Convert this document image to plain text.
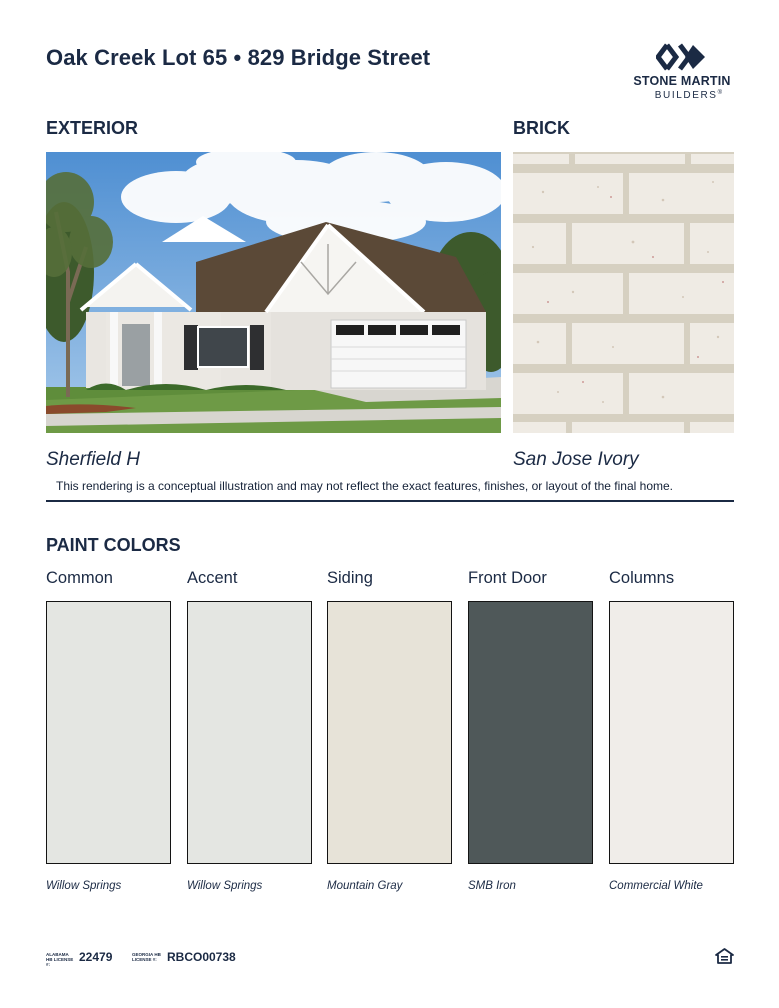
Oak Creek Lot 65 • 829 Bridge Street
STONE MARTIN
BUILDERS®
EXTERIOR	BRICK
Sherfield H	San Jose Ivory
This rendering is a conceptual illustration and may not reflect the exact features, finishes, or layout of the final home.
PAINT COLORS
Common	Accent	Siding	Front Door	Columns
Willow Springs	Willow Springs	Mountain Gray	SMB Iron	Commercial White
ALABAMA HB LICENSE #:
22479	GEORGIA HB LICENSE #: RBCO00738
